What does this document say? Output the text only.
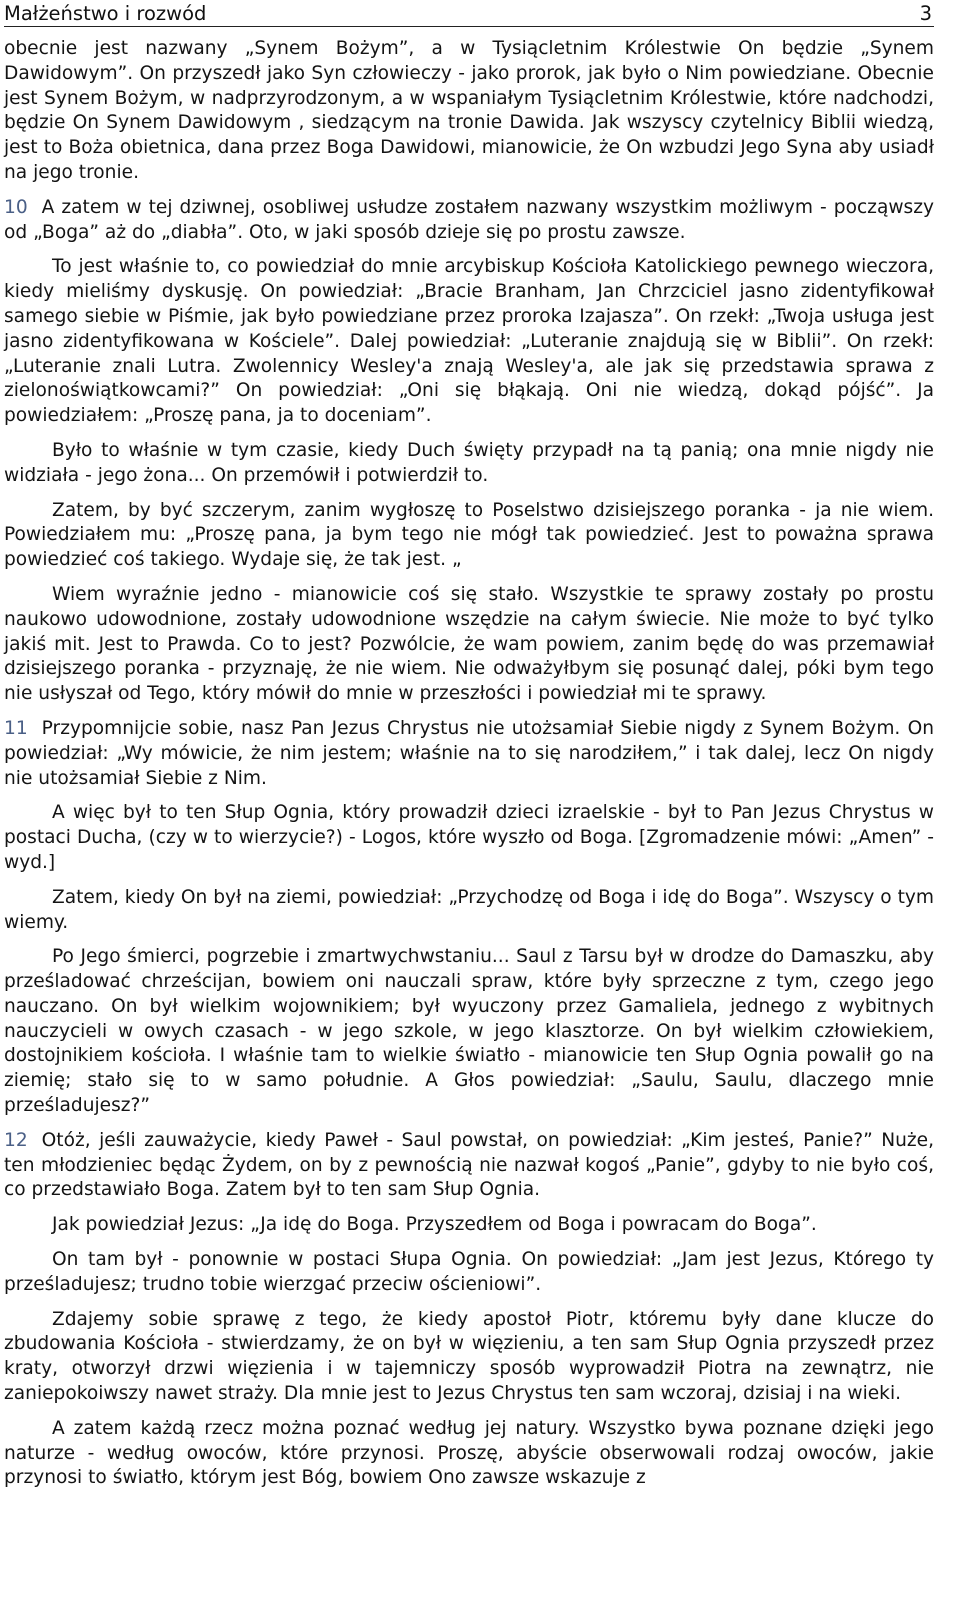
Małżeństwo i rozwód	3

obecnie jest nazwany „Synem Bożym”, a w Tysiącletnim Królestwie On będzie „Synem Dawidowym”. On przyszedł jako Syn człowieczy - jako prorok, jak było o Nim powiedziane. Obecnie jest Synem Bożym, w nadprzyrodzonym, a w wspaniałym Tysiącletnim Królestwie, które nadchodzi, będzie On Synem Dawidowym , siedzącym na tronie Dawida. Jak wszyscy czytelnicy Biblii wiedzą, jest to Boża obietnica, dana przez Boga Dawidowi, mianowicie, że On wzbudzi Jego Syna aby usiadł na jego tronie.

10 A zatem w tej dziwnej, osobliwej usłudze zostałem nazwany wszystkim możliwym - począwszy od „Boga” aż do „diabła”. Oto, w jaki sposób dzieje się po prostu zawsze.

To jest właśnie to, co powiedział do mnie arcybiskup Kościoła Katolickiego pewnego wieczora, kiedy mieliśmy dyskusję. On powiedział: „Bracie Branham, Jan Chrzciciel jasno zidentyfikował samego siebie w Piśmie, jak było powiedziane przez proroka Izajasza”. On rzekł: „Twoja usługa jest jasno zidentyfikowana w Kościele”. Dalej powiedział: „Luteranie znajdują się w Biblii”. On rzekł: „Luteranie znali Lutra. Zwolennicy Wesley'a znają Wesley'a, ale jak się przedstawia sprawa z zielonoświątkowcami?” On powiedział: „Oni się błąkają. Oni nie wiedzą, dokąd pójść”. Ja powiedziałem: „Proszę pana, ja to doceniam”.

Było to właśnie w tym czasie, kiedy Duch święty przypadł na tą panią; ona mnie nigdy nie widziała - jego żona... On przemówił i potwierdził to.

Zatem, by być szczerym, zanim wygłoszę to Poselstwo dzisiejszego poranka - ja nie wiem. Powiedziałem mu: „Proszę pana, ja bym tego nie mógł tak powiedzieć. Jest to poważna sprawa powiedzieć coś takiego. Wydaje się, że tak jest. „

Wiem wyraźnie jedno - mianowicie coś się stało. Wszystkie te sprawy zostały po prostu naukowo udowodnione, zostały udowodnione wszędzie na całym świecie. Nie może to być tylko jakiś mit. Jest to Prawda. Co to jest? Pozwólcie, że wam powiem, zanim będę do was przemawiał dzisiejszego poranka - przyznaję, że nie wiem. Nie odważyłbym się posunąć dalej, póki bym tego nie usłyszał od Tego, który mówił do mnie w przeszłości i powiedział mi te sprawy.

11 Przypomnijcie sobie, nasz Pan Jezus Chrystus nie utożsamiał Siebie nigdy z Synem Bożym. On powiedział: „Wy mówicie, że nim jestem; właśnie na to się narodziłem,” i tak dalej, lecz On nigdy nie utożsamiał Siebie z Nim.

A więc był to ten Słup Ognia, który prowadził dzieci izraelskie - był to Pan Jezus Chrystus w postaci Ducha, (czy w to wierzycie?) - Logos, które wyszło od Boga. [Zgromadzenie mówi: „Amen” - wyd.]

Zatem, kiedy On był na ziemi, powiedział: „Przychodzę od Boga i idę do Boga”. Wszyscy o tym wiemy.

Po Jego śmierci, pogrzebie i zmartwychwstaniu... Saul z Tarsu był w drodze do Damaszku, aby prześladować chrześcijan, bowiem oni nauczali spraw, które były sprzeczne z tym, czego jego nauczano. On był wielkim wojownikiem; był wyuczony przez Gamaliela, jednego z wybitnych nauczycieli w owych czasach - w jego szkole, w jego klasztorze. On był wielkim człowiekiem, dostojnikiem kościoła. I właśnie tam to wielkie światło - mianowicie ten Słup Ognia powalił go na ziemię; stało się to w samo południe. A Głos powiedział: „Saulu, Saulu, dlaczego mnie prześladujesz?”

12 Otóż, jeśli zauważycie, kiedy Paweł - Saul powstał, on powiedział: „Kim jesteś, Panie?” Nuże, ten młodzieniec będąc Żydem, on by z pewnością nie nazwał kogoś „Panie”, gdyby to nie było coś, co przedstawiało Boga. Zatem był to ten sam Słup Ognia.

Jak powiedział Jezus: „Ja idę do Boga. Przyszedłem od Boga i powracam do Boga”.

On tam był - ponownie w postaci Słupa Ognia. On powiedział: „Jam jest Jezus, Którego ty prześladujesz; trudno tobie wierzgać przeciw ościeniowi”.

Zdajemy sobie sprawę z tego, że kiedy apostoł Piotr, któremu były dane klucze do zbudowania Kościoła - stwierdzamy, że on był w więzieniu, a ten sam Słup Ognia przyszedł przez kraty, otworzył drzwi więzienia i w tajemniczy sposób wyprowadził Piotra na zewnątrz, nie zaniepokoiwszy nawet straży. Dla mnie jest to Jezus Chrystus ten sam wczoraj, dzisiaj i na wieki.

A zatem każdą rzecz można poznać według jej natury. Wszystko bywa poznane dzięki jego naturze - według owoców, które przynosi. Proszę, abyście obserwowali rodzaj owoców, jakie przynosi to światło, którym jest Bóg, bowiem Ono zawsze wskazuje z
